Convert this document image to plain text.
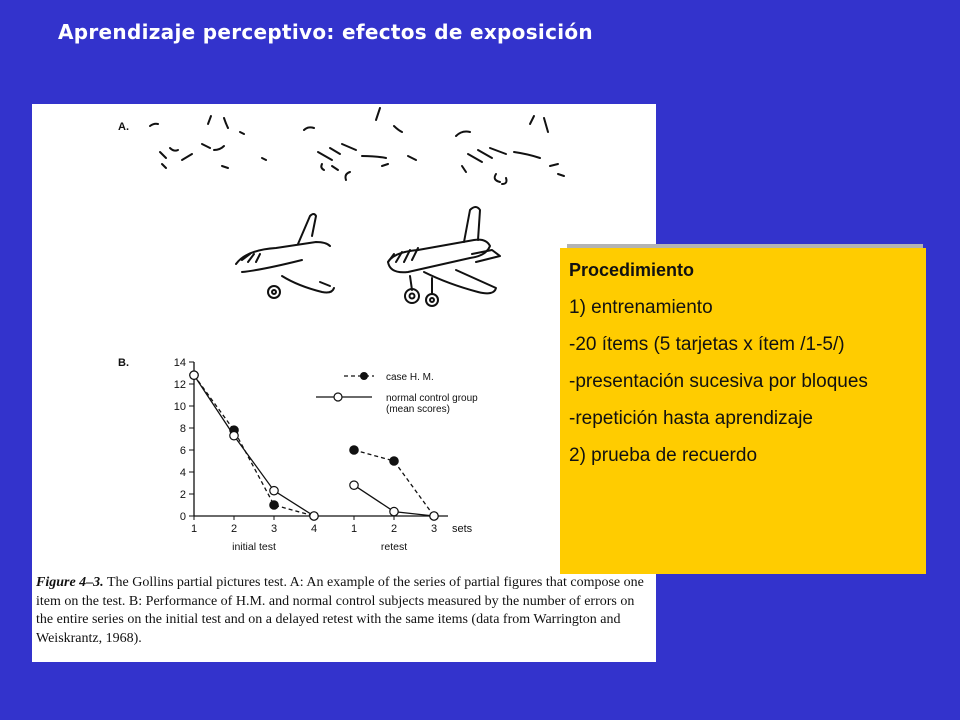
Aprendizaje perceptivo: efectos de exposición
A.
B.
0
2
4
6
8
10
12
14
1	2	3	4	1	2	3 sets
initial test	retest
case H. M.
normal control group
(mean scores)
Figure 4–3. The Gollins partial pictures test. A: An example of the series of partial figures that compose one item on the test. B: Performance of H.M. and normal control subjects measured by the number of errors on the entire series on the initial test and on a delayed retest with the same items (data from Warrington and Weiskrantz, 1968).

Procedimiento

1) entrenamiento

-20 ítems (5 tarjetas x ítem /1-5/)

-presentación sucesiva por bloques

-repetición hasta aprendizaje

2) prueba de recuerdo
